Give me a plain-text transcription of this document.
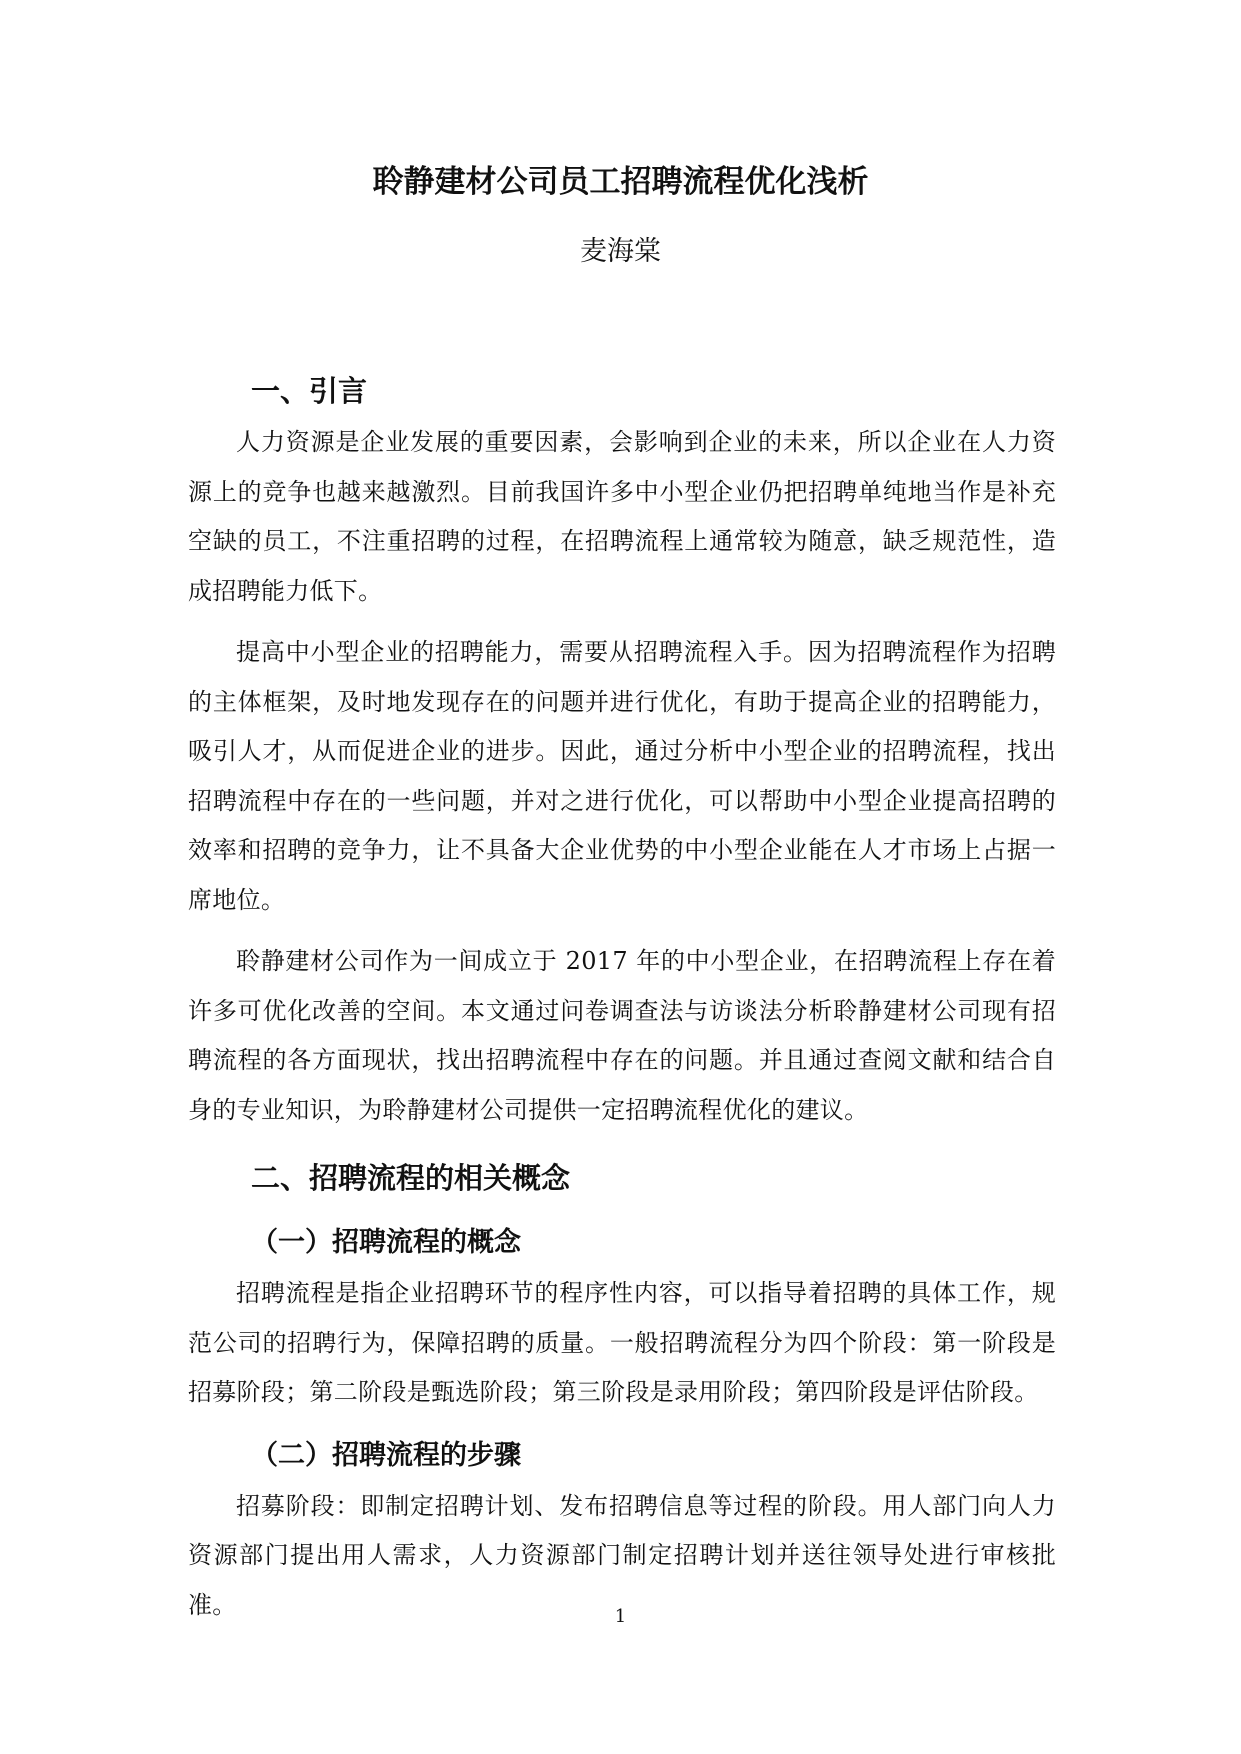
聆静建材公司员工招聘流程优化浅析
麦海棠
一、引言

人力资源是企业发展的重要因素，会影响到企业的未来，所以企业在人力资源上的竞争也越来越激烈。目前我国许多中小型企业仍把招聘单纯地当作是补充空缺的员工，不注重招聘的过程，在招聘流程上通常较为随意，缺乏规范性，造成招聘能力低下。

提高中小型企业的招聘能力，需要从招聘流程入手。因为招聘流程作为招聘的主体框架，及时地发现存在的问题并进行优化，有助于提高企业的招聘能力，吸引人才，从而促进企业的进步。因此，通过分析中小型企业的招聘流程，找出招聘流程中存在的一些问题，并对之进行优化，可以帮助中小型企业提高招聘的效率和招聘的竞争力，让不具备大企业优势的中小型企业能在人才市场上占据一席地位。

聆静建材公司作为一间成立于 2017 年的中小型企业，在招聘流程上存在着许多可优化改善的空间。本文通过问卷调查法与访谈法分析聆静建材公司现有招聘流程的各方面现状，找出招聘流程中存在的问题。并且通过查阅文献和结合自身的专业知识，为聆静建材公司提供一定招聘流程优化的建议。

二、招聘流程的相关概念
（一）招聘流程的概念

招聘流程是指企业招聘环节的程序性内容，可以指导着招聘的具体工作，规范公司的招聘行为，保障招聘的质量。一般招聘流程分为四个阶段：第一阶段是招募阶段；第二阶段是甄选阶段；第三阶段是录用阶段；第四阶段是评估阶段。

（二）招聘流程的步骤

招募阶段：即制定招聘计划、发布招聘信息等过程的阶段。用人部门向人力资源部门提出用人需求，人力资源部门制定招聘计划并送往领导处进行审核批准。	1
